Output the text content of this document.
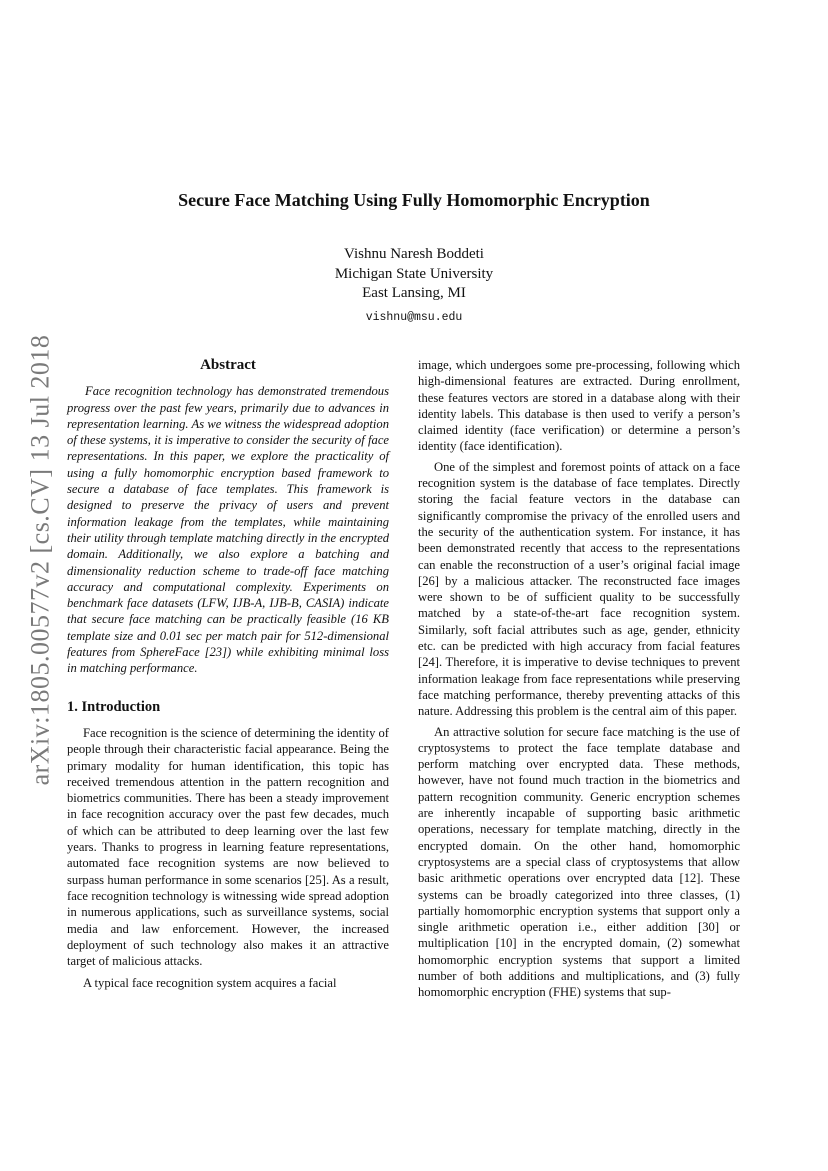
arXiv:1805.00577v2 [cs.CV] 13 Jul 2018
Secure Face Matching Using Fully Homomorphic Encryption
Vishnu Naresh Boddeti
Michigan State University
East Lansing, MI
vishnu@msu.edu
Abstract

Face recognition technology has demonstrated tremendous progress over the past few years, primarily due to advances in representation learning. As we witness the widespread adoption of these systems, it is imperative to consider the security of face representations. In this paper, we explore the practicality of using a fully homomorphic encryption based framework to secure a database of face templates. This framework is designed to preserve the privacy of users and prevent information leakage from the templates, while maintaining their utility through template matching directly in the encrypted domain. Additionally, we also explore a batching and dimensionality reduction scheme to trade-off face matching accuracy and computational complexity. Experiments on benchmark face datasets (LFW, IJB-A, IJB-B, CASIA) indicate that secure face matching can be practically feasible (16 KB template size and 0.01 sec per match pair for 512-dimensional features from SphereFace [23]) while exhibiting minimal loss in matching performance.

1. Introduction

Face recognition is the science of determining the identity of people through their characteristic facial appearance. Being the primary modality for human identification, this topic has received tremendous attention in the pattern recognition and biometrics communities. There has been a steady improvement in face recognition accuracy over the past few decades, much of which can be attributed to deep learning over the last few years. Thanks to progress in learning feature representations, automated face recognition systems are now believed to surpass human performance in some scenarios [25]. As a result, face recognition technology is witnessing wide spread adoption in numerous applications, such as surveillance systems, social media and law enforcement. However, the increased deployment of such technology also makes it an attractive target of malicious attacks.

A typical face recognition system acquires a facial

image, which undergoes some pre-processing, following which high-dimensional features are extracted. During enrollment, these features vectors are stored in a database along with their identity labels. This database is then used to verify a person’s claimed identity (face verification) or determine a person’s identity (face identification).

One of the simplest and foremost points of attack on a face recognition system is the database of face templates. Directly storing the facial feature vectors in the database can significantly compromise the privacy of the enrolled users and the security of the authentication system. For instance, it has been demonstrated recently that access to the representations can enable the reconstruction of a user’s original facial image [26] by a malicious attacker. The reconstructed face images were shown to be of sufficient quality to be successfully matched by a state-of-the-art face recognition system. Similarly, soft facial attributes such as age, gender, ethnicity etc. can be predicted with high accuracy from facial features [24]. Therefore, it is imperative to devise techniques to prevent information leakage from face representations while preserving face matching performance, thereby preventing attacks of this nature. Addressing this problem is the central aim of this paper.

An attractive solution for secure face matching is the use of cryptosystems to protect the face template database and perform matching over encrypted data. These methods, however, have not found much traction in the biometrics and pattern recognition community. Generic encryption schemes are inherently incapable of supporting basic arithmetic operations, necessary for template matching, directly in the encrypted domain. On the other hand, homomorphic cryptosystems are a special class of cryptosystems that allow basic arithmetic operations over encrypted data [12]. These systems can be broadly categorized into three classes, (1) partially homomorphic encryption systems that support only a single arithmetic operation i.e., either addition [30] or multiplication [10] in the encrypted domain, (2) somewhat homomorphic encryption systems that support a limited number of both additions and multiplications, and (3) fully homomorphic encryption (FHE) systems that sup-
